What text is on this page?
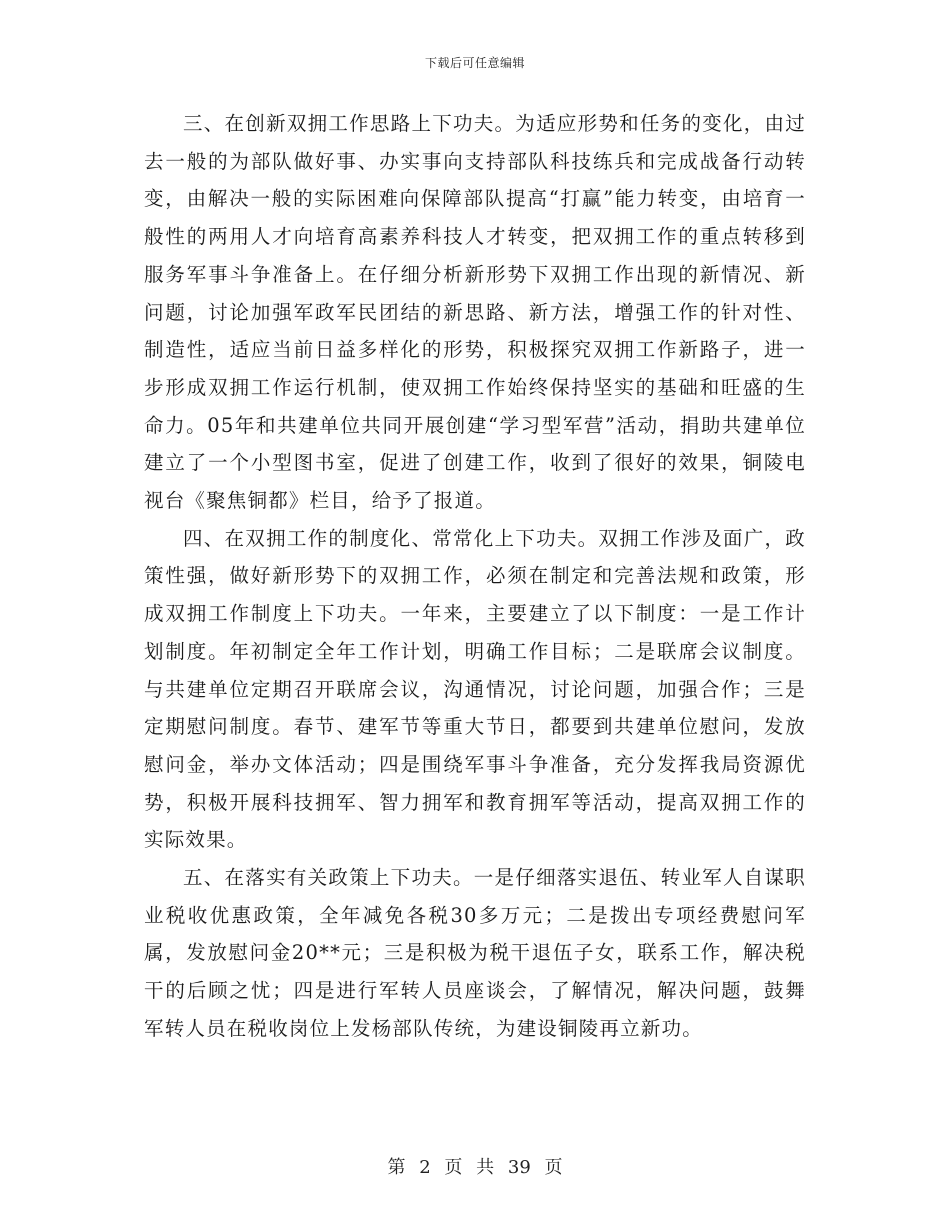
下载后可任意编辑

三、在创新双拥工作思路上下功夫。为适应形势和任务的变化，由过去一般的为部队做好事、办实事向支持部队科技练兵和完成战备行动转变，由解决一般的实际困难向保障部队提高“打赢”能力转变，由培育一般性的两用人才向培育高素养科技人才转变，把双拥工作的重点转移到服务军事斗争准备上。在仔细分析新形势下双拥工作出现的新情况、新问题，讨论加强军政军民团结的新思路、新方法，增强工作的针对性、制造性，适应当前日益多样化的形势，积极探究双拥工作新路子，进一步形成双拥工作运行机制，使双拥工作始终保持坚实的基础和旺盛的生命力。05年和共建单位共同开展创建“学习型军营”活动，捐助共建单位建立了一个小型图书室，促进了创建工作，收到了很好的效果，铜陵电视台《聚焦铜都》栏目，给予了报道。

四、在双拥工作的制度化、常常化上下功夫。双拥工作涉及面广，政策性强，做好新形势下的双拥工作，必须在制定和完善法规和政策，形成双拥工作制度上下功夫。一年来，主要建立了以下制度：一是工作计划制度。年初制定全年工作计划，明确工作目标；二是联席会议制度。与共建单位定期召开联席会议，沟通情况，讨论问题，加强合作；三是定期慰问制度。春节、建军节等重大节日，都要到共建单位慰问，发放慰问金，举办文体活动；四是围绕军事斗争准备，充分发挥我局资源优势，积极开展科技拥军、智力拥军和教育拥军等活动，提高双拥工作的实际效果。

五、在落实有关政策上下功夫。一是仔细落实退伍、转业军人自谋职业税收优惠政策，全年减免各税30多万元；二是拨出专项经费慰问军属，发放慰问金20**元；三是积极为税干退伍子女，联系工作，解决税干的后顾之忧；四是进行军转人员座谈会，了解情况，解决问题，鼓舞军转人员在税收岗位上发杨部队传统，为建设铜陵再立新功。

第 2 页 共 39 页
